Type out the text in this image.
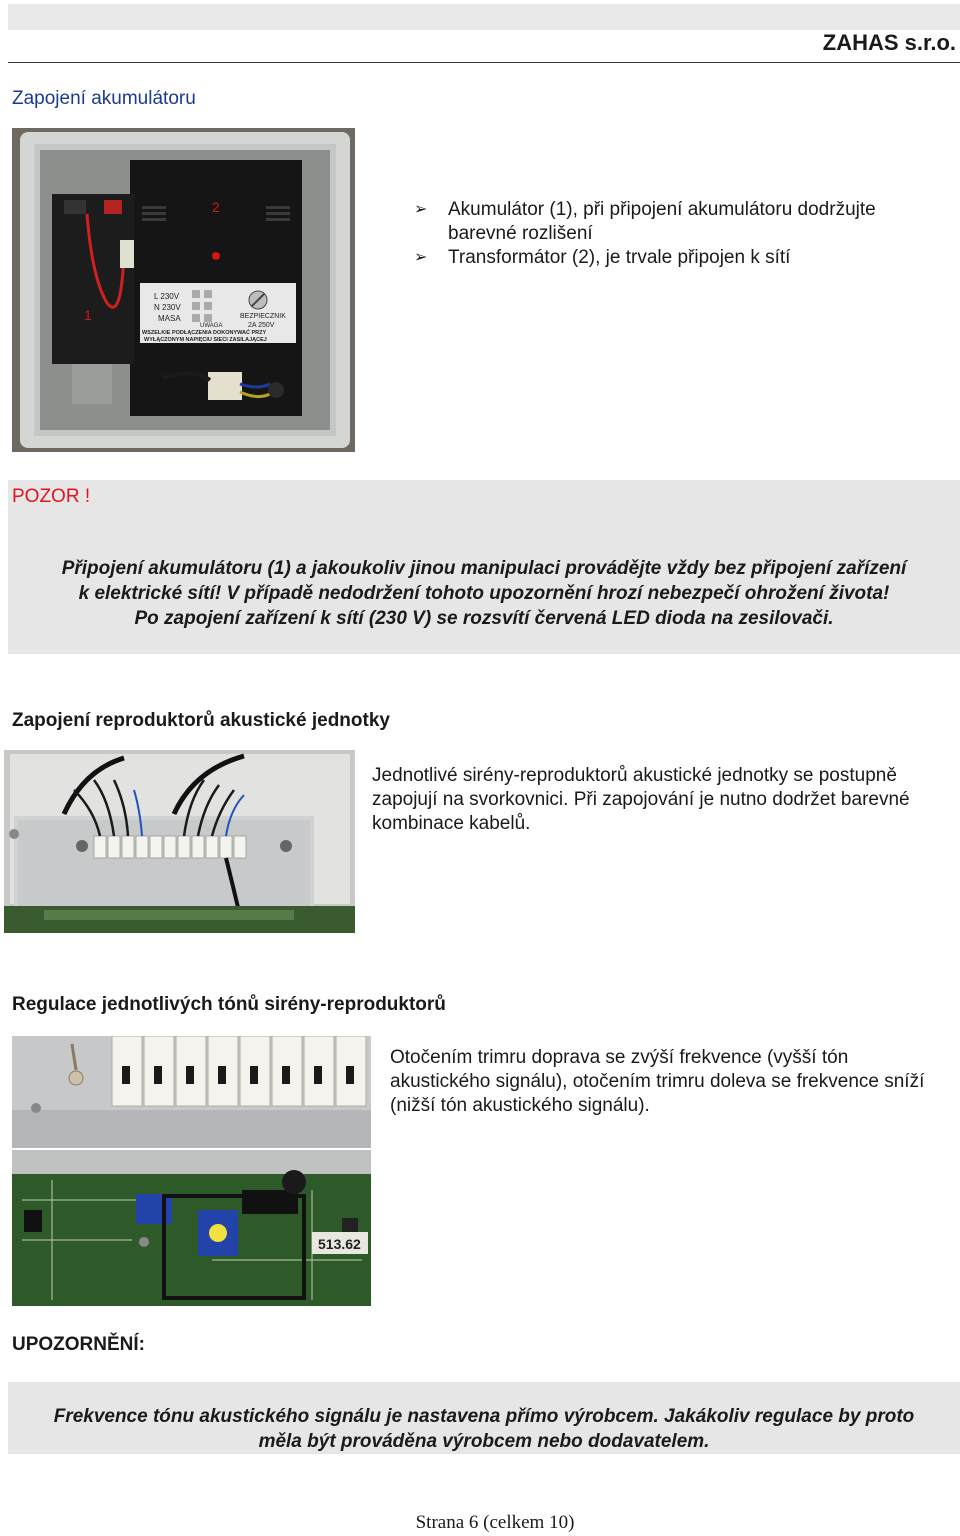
ZAHAS s.r.o.
Zapojení akumulátoru
L 230V
N 230V
MASA	BEZPIECZNIK
2A 250V
UWAGA
WSZELKIE PODŁĄCZENIA DOKONYWAĆ PRZY
WYŁĄCZONYM NAPIĘCIU SIECI ZASILAJĄCEJ
1
2	➢ Akumulátor (1), při připojení akumulátoru dodržujte barevné rozlišení
➢ Transformátor (2), je trvale připojen k sítí
POZOR !
Připojení akumulátoru (1) a jakoukoliv jinou manipulaci provádějte vždy bez připojení zařízení
k elektrické sítí! V případě nedodržení tohoto upozornění hrozí nebezpečí ohrožení života!
Po zapojení zařízení k sítí (230 V) se rozsvítí červená LED dioda na zesilovači.
Zapojení reproduktorů akustické jednotky
Jednotlivé sirény-reproduktorů akustické jednotky se postupně zapojují na svorkovnici. Při zapojování je nutno dodržet barevné kombinace kabelů.
Regulace jednotlivých tónů sirény-reproduktorů
513.62
Otočením trimru doprava se zvýší frekvence (vyšší tón akustického signálu), otočením trimru doleva se frekvence sníží (nižší tón akustického signálu).
UPOZORNĚNÍ:
Frekvence tónu akustického signálu je nastavena přímo výrobcem. Jakákoliv regulace by proto
měla být prováděna výrobcem nebo dodavatelem.
Strana 6 (celkem 10)
